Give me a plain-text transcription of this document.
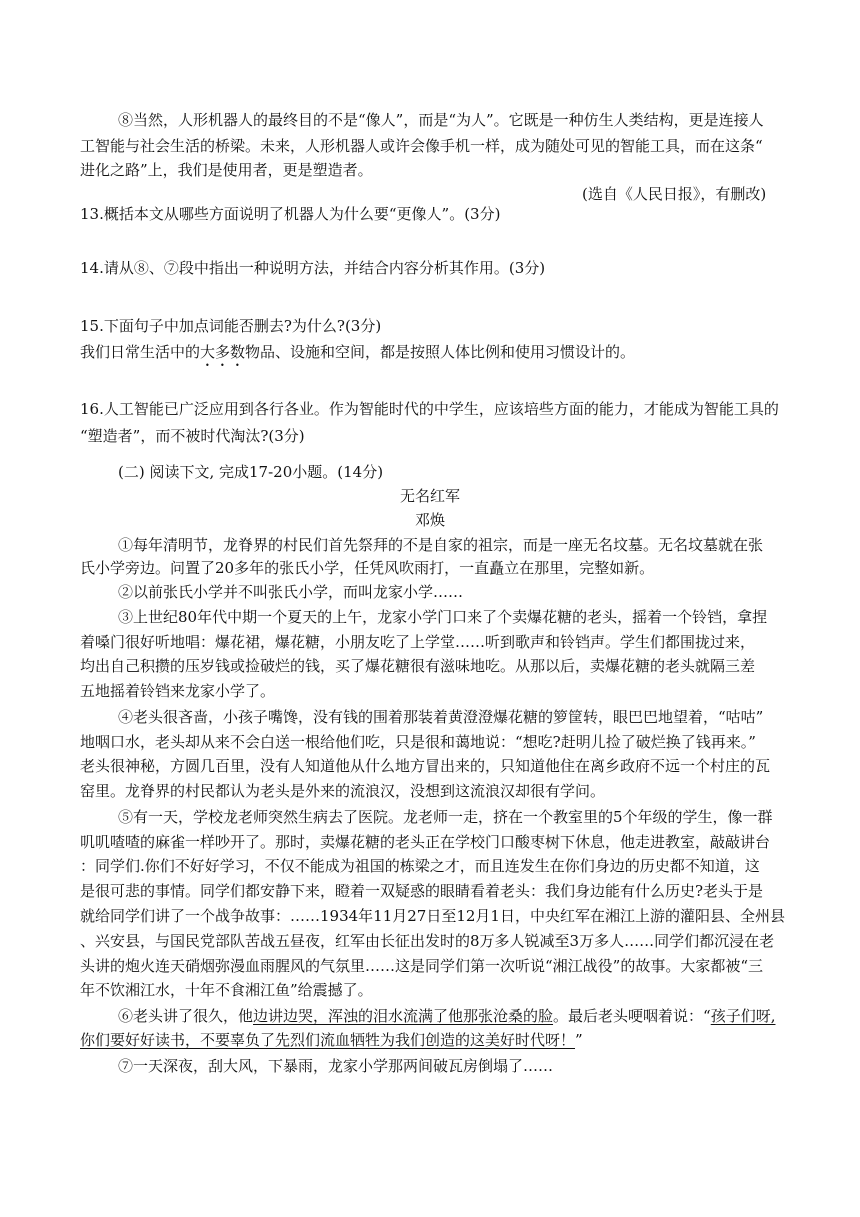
⑧当然，人形机器人的最终目的不是“像人”，而是“为人”。它既是一种仿生人类结构，更是连接人
工智能与社会生活的桥梁。未来，人形机器人或许会像手机一样，成为随处可见的智能工具，而在这条“
进化之路”上，我们是使用者，更是塑造者。
(选自《人民日报》，有删改)
13.概括本文从哪些方面说明了机器人为什么要“更像人”。(3分)
14.请从⑧、⑦段中指出一种说明方法，并结合内容分析其作用。(3分)
15.下面句子中加点词能否删去?为什么?(3分)
我们日常生活中的大多数物品、设施和空间，都是按照人体比例和使用习惯设计的。
16.人工智能已广泛应用到各行各业。作为智能时代的中学生，应该培些方面的能力，才能成为智能工具的
“塑造者”，而不被时代淘汰?(3分)
(二) 阅读下文, 完成17-20小题。(14分)
无名红军
邓焕
①每年清明节，龙脊界的村民们首先祭拜的不是自家的祖宗，而是一座无名坟墓。无名坟墓就在张
氏小学旁边。问置了20多年的张氏小学，任凭风吹雨打，一直矗立在那里，完整如新。
②以前张氏小学并不叫张氏小学，而叫龙家小学……
③上世纪80年代中期一个夏天的上午，龙家小学门口来了个卖爆花糖的老头，摇着一个铃铛，拿捏
着嗓门很好听地唱：爆花裙，爆花糖，小朋友吃了上学堂……听到歌声和铃铛声。学生们都围拢过来，
均出自己积攒的压岁钱或捡破烂的钱，买了爆花糖很有滋味地吃。从那以后，卖爆花糖的老头就隔三差
五地摇着铃铛来龙家小学了。
④老头很吝啬，小孩子嘴馋，没有钱的围着那装着黄澄澄爆花糖的箩筐转，眼巴巴地望着，“咕咕”
地咽口水，老头却从来不会白送一根给他们吃，只是很和蔼地说：“想吃?赶明儿捡了破烂换了钱再来。”
老头很神秘，方圆几百里，没有人知道他从什么地方冒出来的，只知道他住在离乡政府不远一个村庄的瓦
窑里。龙脊界的村民都认为老头是外来的流浪汉，没想到这流浪汉却很有学问。
⑤有一天，学校龙老师突然生病去了医院。龙老师一走，挤在一个教室里的5个年级的学生，像一群
叽叽喳喳的麻雀一样吵开了。那时，卖爆花糖的老头正在学校门口酸枣树下休息，他走进教室，敲敲讲台
：同学们.你们不好好学习，不仅不能成为祖国的栋梁之才，而且连发生在你们身边的历史都不知道，这
是很可悲的事情。同学们都安静下来，瞪着一双疑惑的眼睛看着老头：我们身边能有什么历史?老头于是
就给同学们讲了一个战争故事：……1934年11月27日至12月1日，中央红军在湘江上游的灌阳县、全州县
、兴安县，与国民党部队苦战五昼夜，红军由长征出发时的8万多人锐减至3万多人……同学们都沉浸在老
头讲的炮火连天硝烟弥漫血雨腥风的气氛里……这是同学们第一次听说“湘江战役”的故事。大家都被“三
年不饮湘江水，十年不食湘江鱼”给震撼了。
⑥老头讲了很久，他边讲边哭，浑浊的泪水流满了他那张沧桑的脸。最后老头哽咽着说：“孩子们呀,
你们要好好读书，不要辜负了先烈们流血牺牲为我们创造的这美好时代呀！”
⑦一天深夜，刮大风，下暴雨，龙家小学那两间破瓦房倒塌了……
